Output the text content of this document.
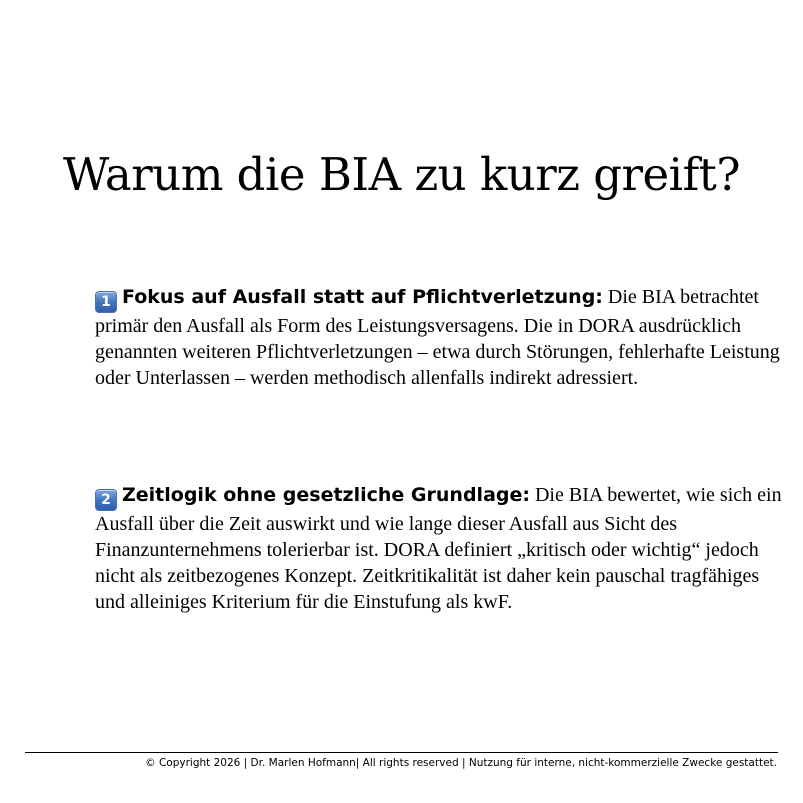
Warum die BIA zu kurz greift?

1 Fokus auf Ausfall statt auf Pflichtverletzung: Die BIA betrachtet primär den Ausfall als Form des Leistungsversagens. Die in DORA ausdrücklich genannten weiteren Pflichtverletzungen – etwa durch Störungen, fehlerhafte Leistung oder Unterlassen – werden methodisch allenfalls indirekt adressiert.

2 Zeitlogik ohne gesetzliche Grundlage: Die BIA bewertet, wie sich ein Ausfall über die Zeit auswirkt und wie lange dieser Ausfall aus Sicht des Finanzunternehmens tolerierbar ist. DORA definiert „kritisch oder wichtig“ jedoch nicht als zeitbezogenes Konzept. Zeitkritikalität ist daher kein pauschal tragfähiges und alleiniges Kriterium für die Einstufung als kwF.

© Copyright 2026 | Dr. Marlen Hofmann| All rights reserved | Nutzung für interne, nicht-kommerzielle Zwecke gestattet.
